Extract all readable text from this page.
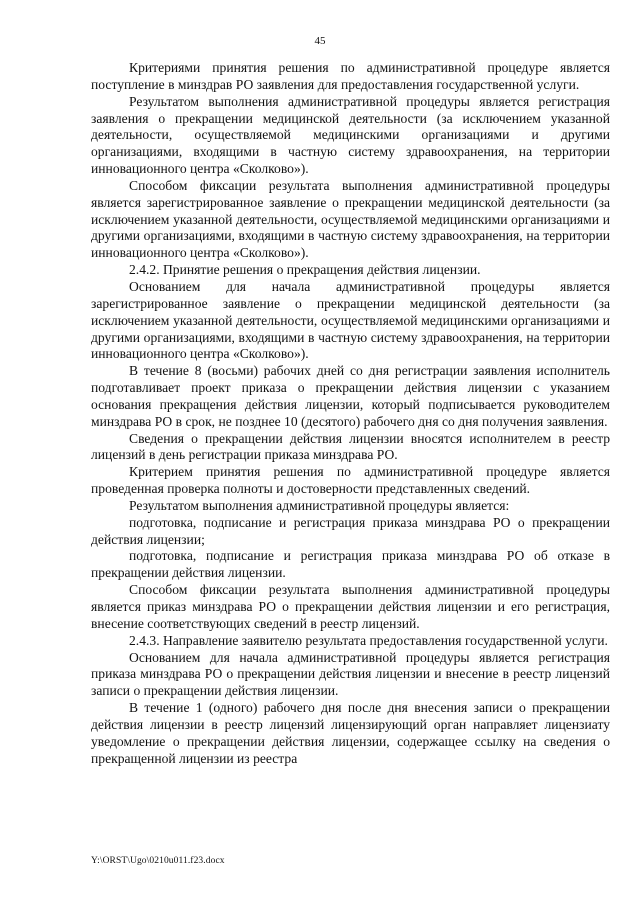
45

Критериями принятия решения по административной процедуре является поступление в минздрав РО заявления для предоставления государственной услуги.

Результатом выполнения административной процедуры является регистрация заявления о прекращении медицинской деятельности (за исключением указанной деятельности, осуществляемой медицинскими организациями и другими организациями, входящими в частную систему здравоохранения, на территории инновационного центра «Сколково»).

Способом фиксации результата выполнения административной процедуры является зарегистрированное заявление о прекращении медицинской деятельности (за исключением указанной деятельности, осуществляемой медицинскими организациями и другими организациями, входящими в частную систему здравоохранения, на территории инновационного центра «Сколково»).

2.4.2. Принятие решения о прекращения действия лицензии.

Основанием для начала административной процедуры является зарегистрированное заявление о прекращении медицинской деятельности (за исключением указанной деятельности, осуществляемой медицинскими организациями и другими организациями, входящими в частную систему здравоохранения, на территории инновационного центра «Сколково»).

В течение 8 (восьми) рабочих дней со дня регистрации заявления исполнитель подготавливает проект приказа о прекращении действия лицензии с указанием основания прекращения действия лицензии, который подписывается руководителем минздрава РО в срок, не позднее 10 (десятого) рабочего дня со дня получения заявления.

Сведения о прекращении действия лицензии вносятся исполнителем в реестр лицензий в день регистрации приказа минздрава РО.

Критерием принятия решения по административной процедуре является проведенная проверка полноты и достоверности представленных сведений.

Результатом выполнения административной процедуры является:

подготовка, подписание и регистрация приказа минздрава РО о прекращении действия лицензии;

подготовка, подписание и регистрация приказа минздрава РО об отказе в прекращении действия лицензии.

Способом фиксации результата выполнения административной процедуры является приказ минздрава РО о прекращении действия лицензии и его регистрация, внесение соответствующих сведений в реестр лицензий.

2.4.3. Направление заявителю результата предоставления государственной услуги.

Основанием для начала административной процедуры является регистрация приказа минздрава РО о прекращении действия лицензии и внесение в реестр лицензий записи о прекращении действия лицензии.

В течение 1 (одного) рабочего дня после дня внесения записи о прекращении действия лицензии в реестр лицензий лицензирующий орган направляет лицензиату уведомление о прекращении действия лицензии, содержащее ссылку на сведения о прекращенной лицензии из реестра

Y:\ORST\Ugo\0210u011.f23.docx
